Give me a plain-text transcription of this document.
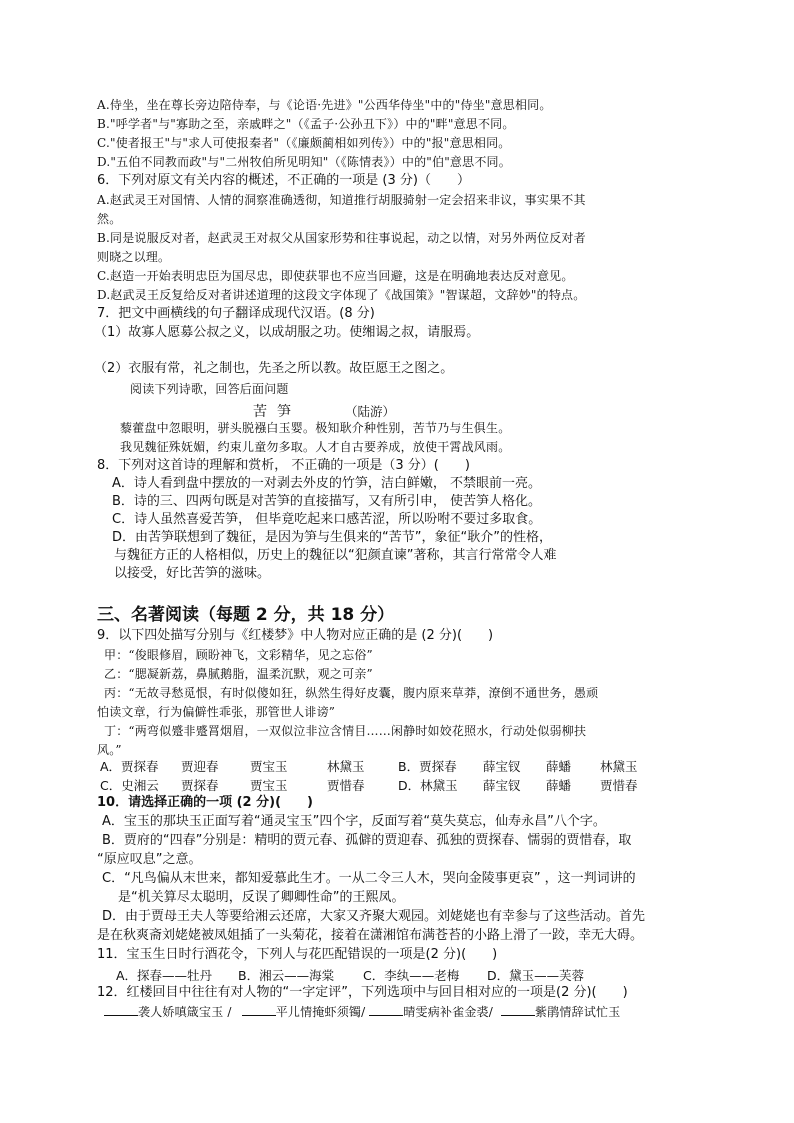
A.侍坐，坐在尊长旁边陪侍奉，与《论语·先进》"公西华侍坐"中的"侍坐"意思相同。
B."呼学者"与"寡助之至，亲戚畔之"（《孟子·公孙丑下》）中的"畔"意思不同。
C."使者报王"与"求人可使报秦者"（《廉颇蔺相如列传》）中的"报"意思相同。
D."五伯不同教而政"与"二州牧伯所见明知"（《陈情表》）中的"伯"意思不同。
6．下列对原文有关内容的概述，不正确的一项是 (3 分)（　　）
A.赵武灵王对国情、人情的洞察准确透彻，知道推行胡服骑射一定会招来非议，事实果不其
然。
B.同是说服反对者，赵武灵王对叔父从国家形势和往事说起，动之以情，对另外两位反对者
则晓之以理。
C.赵造一开始表明忠臣为国尽忠，即使获罪也不应当回避，这是在明确地表达反对意见。
D.赵武灵王反复给反对者讲述道理的这段文字体现了《战国策》"智谋超，文辞妙"的特点。
7．把文中画横线的句子翻译成现代汉语。(8 分)
（1）故寡人愿募公叔之义，以成胡服之功。使缃谒之叔，请服焉。
（2）衣服有常，礼之制也，先圣之所以教。故臣愿王之图之。
阅读下列诗歌，回答后面问题
苦笋	（陆游）
藜藿盘中忽眼明，骈头脱襁白玉婴。极知耿介种性别，苦节乃与生俱生。
我见魏征殊妩媚，约束儿童勿多取。人才自古要养成，放使干霄战风雨。
8．下列对这首诗的理解和赏析， 不正确的一项是（3 分）(　　)
A．诗人看到盘中摆放的一对剥去外皮的竹笋，洁白鲜嫩， 不禁眼前一亮。
B．诗的三、四两句既是对苦笋的直接描写，又有所引申， 使苦笋人格化。
C．诗人虽然喜爱苦笋， 但毕竟吃起来口感苦涩，所以吩咐不要过多取食。
D．由苦笋联想到了魏征，是因为笋与生俱来的“苦节”，象征“耿介”的性格，
与魏征方正的人格相似，历史上的魏征以“犯颜直谏”著称，其言行常常令人难
以接受，好比苦笋的滋味。
三、名著阅读（每题 2 分，共 18 分）
9．以下四处描写分别与《红楼梦》中人物对应正确的是 (2 分)(　　)
甲：“俊眼修眉，顾盼神飞，文彩精华，见之忘俗”
乙：“腮凝新荔，鼻腻鹅脂，温柔沉默，观之可亲”
丙：“无故寻愁觅恨，有时似傻如狂，纵然生得好皮囊，腹内原来草莽，潦倒不通世务，愚顽
怕读文章，行为偏僻性乖张，那管世人诽谤”
丁：“两弯似蹙非蹙罥烟眉，一双似泣非泣含情目……闲静时如姣花照水，行动处似弱柳扶
风。”
A．贾探春 贾迎春	贾宝玉	林黛玉	B．贾探春 薛宝钗 薛蟠 林黛玉
C．史湘云 贾探春	贾宝玉	贾惜春	D．林黛玉 薛宝钗 薛蟠 贾惜春
10．请选择正确的一项 (2 分)(　　)
A．宝玉的那块玉正面写着“通灵宝玉”四个字，反面写着“莫失莫忘，仙寿永昌”八个字。
B．贾府的“四春”分别是：精明的贾元春、孤僻的贾迎春、孤独的贾探春、懦弱的贾惜春，取
“原应叹息”之意。
C．“凡鸟偏从末世来，都知爱慕此生才。一从二令三人木，哭向金陵事更哀” ，这一判词讲的
是“机关算尽太聪明，反误了卿卿性命”的王熙凤。
D．由于贾母王夫人等要给湘云还席，大家又齐聚大观园。刘姥姥也有幸参与了这些活动。首先
是在秋爽斋刘姥姥被凤姐插了一头菊花，接着在潇湘馆布满苍苔的小路上滑了一跤，幸无大碍。
11．宝玉生日时行酒花令，下列人与花匹配错误的一项是(2 分)(　　)
A．探春——牡丹 B．湘云——海棠 C．李纨——老梅 D．黛玉——芙蓉
12．红楼回目中往往有对人物的“一字定评”，下列选项中与回目相对应的一项是(2 分)(　　)
袭人娇嗔箴宝玉 /	平儿情掩虾须镯/	晴雯病补雀金裘/	紫鹃情辞试忙玉
